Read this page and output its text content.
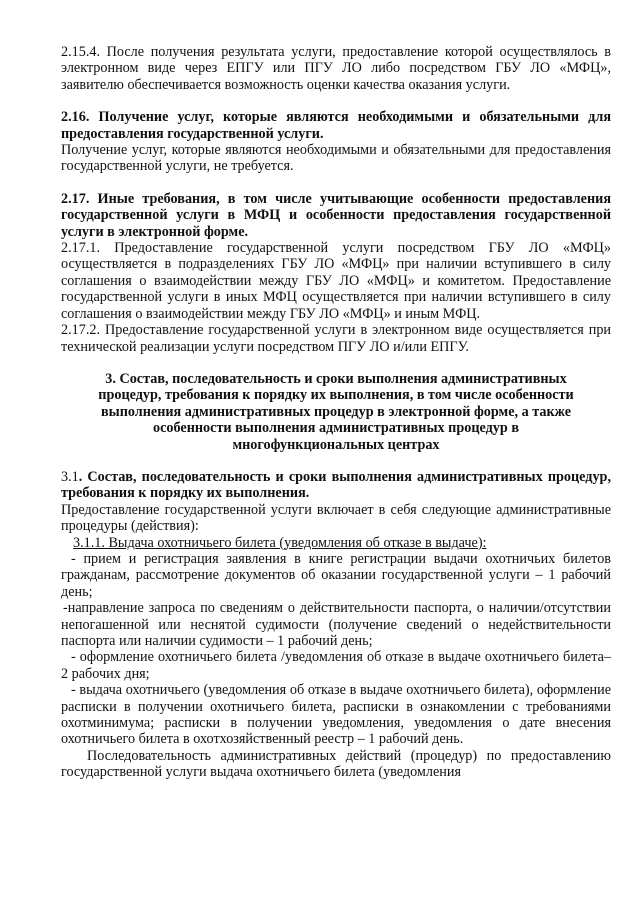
2.15.4. После получения результата услуги, предоставление которой осуществлялось в электронном виде через ЕПГУ или ПГУ ЛО либо посредством ГБУ ЛО «МФЦ», заявителю обеспечивается возможность оценки качества оказания услуги.

2.16. Получение услуг, которые являются необходимыми и обязательными для предоставления государственной услуги.

Получение услуг, которые являются необходимыми и обязательными для предоставления государственной услуги, не требуется.

2.17. Иные требования, в том числе учитывающие особенности предоставления государственной услуги в МФЦ и особенности предоставления государственной услуги в электронной форме.

2.17.1. Предоставление государственной услуги посредством ГБУ ЛО «МФЦ» осуществляется в подразделениях ГБУ ЛО «МФЦ» при наличии вступившего в силу соглашения о взаимодействии между ГБУ ЛО «МФЦ» и комитетом. Предоставление государственной услуги в иных МФЦ осуществляется при наличии вступившего в силу соглашения о взаимодействии между ГБУ ЛО «МФЦ» и иным МФЦ.

2.17.2. Предоставление государственной услуги в электронном виде осуществляется при технической реализации услуги посредством ПГУ ЛО и/или ЕПГУ.

3. Состав, последовательность и сроки выполнения административных процедур, требования к порядку их выполнения, в том числе особенности выполнения административных процедур в электронной форме, а также особенности выполнения административных процедур в многофункциональных центрах

3.1. Состав, последовательность и сроки выполнения административных процедур, требования к порядку их выполнения.

Предоставление государственной услуги включает в себя следующие административные процедуры (действия):

3.1.1. Выдача охотничьего билета (уведомления об отказе в выдаче):

- прием и регистрация заявления в книге регистрации выдачи охотничьих билетов гражданам, рассмотрение документов об оказании государственной услуги – 1 рабочий день;

-направление запроса по сведениям о действительности паспорта, о наличии/отсутствии непогашенной или неснятой судимости (получение сведений о недействительности паспорта или наличии судимости – 1 рабочий день;

- оформление охотничьего билета /уведомления об отказе в выдаче охотничьего билета– 2 рабочих дня;

- выдача охотничьего (уведомления об отказе в выдаче охотничьего билета), оформление расписки в получении охотничьего билета, расписки в ознакомлении с требованиями охотминимума; расписки в получении уведомления, уведомления о дате внесения охотничьего билета в охотхозяйственный реестр – 1 рабочий день.

Последовательность административных действий (процедур) по предоставлению государственной услуги выдача охотничьего билета (уведомления
